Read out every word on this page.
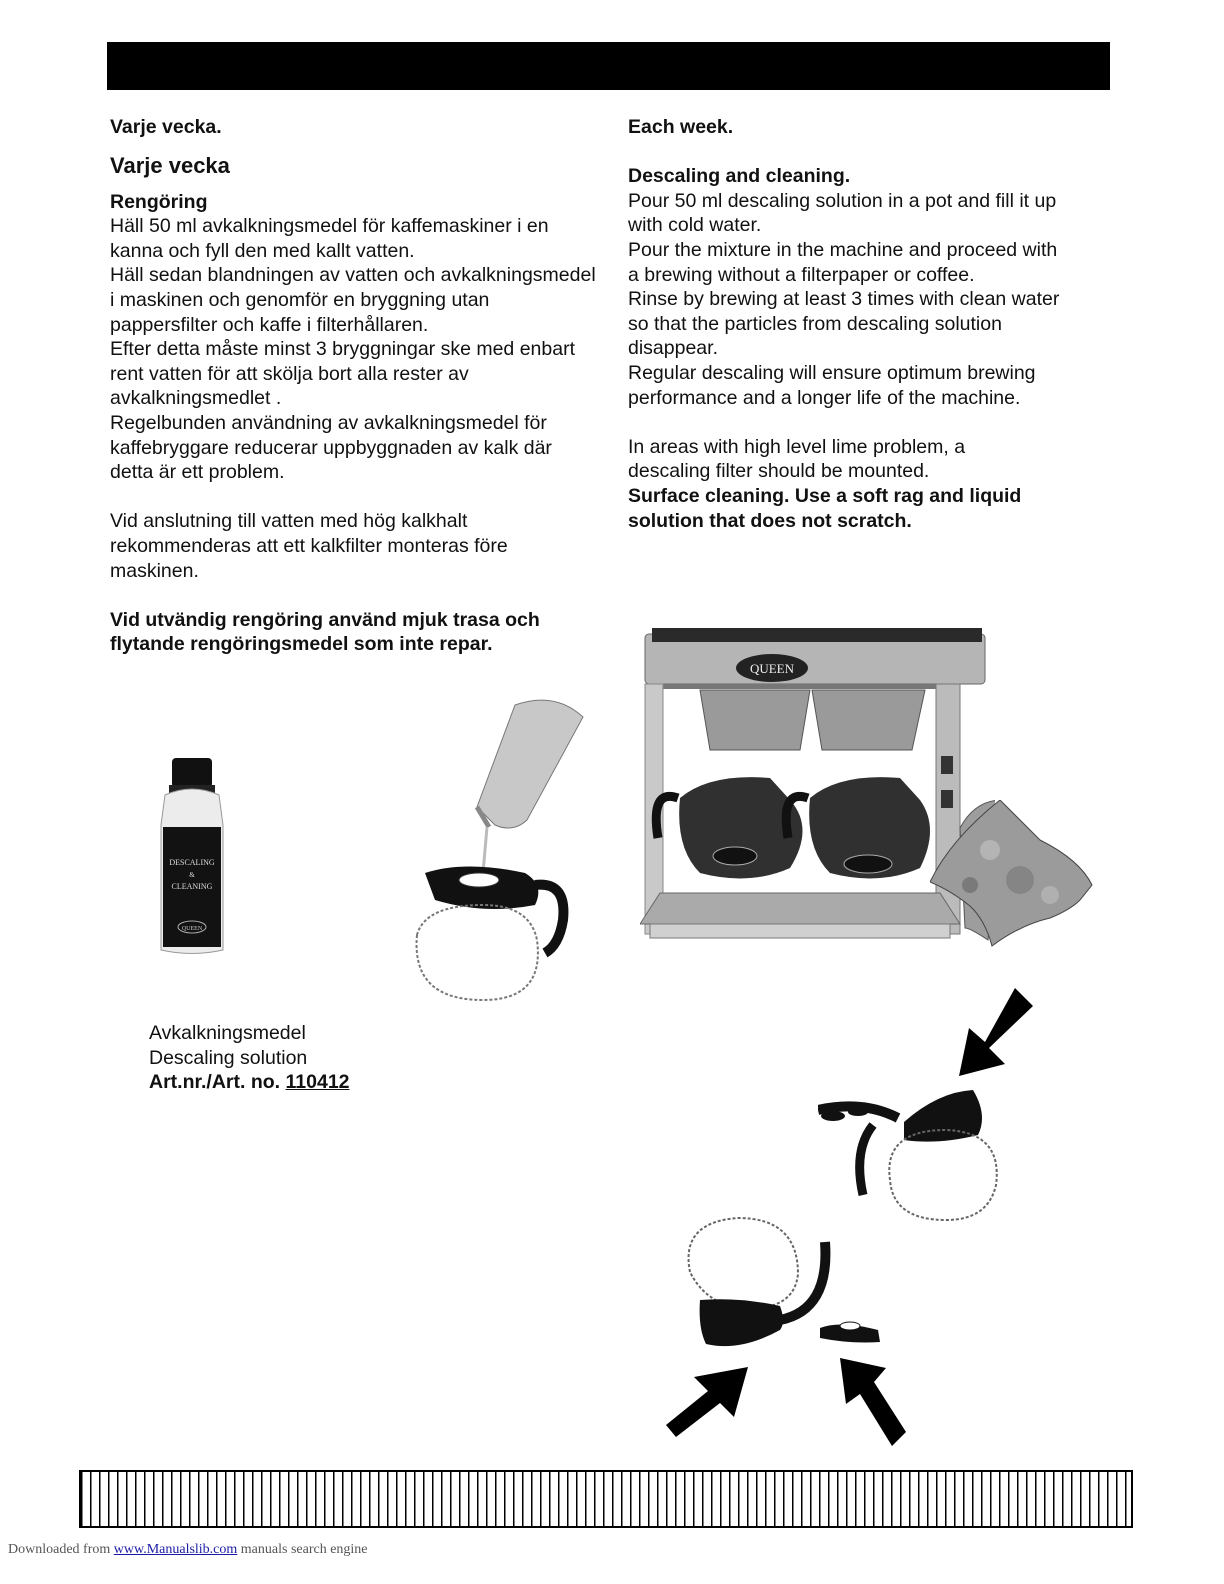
Varje vecka.

Varje vecka

Rengöring

Häll 50 ml avkalkningsmedel för kaffemaskiner i en

kanna och fyll den med kallt vatten.

Häll sedan blandningen av vatten och avkalkningsmedel

i maskinen och genomför en bryggning utan

pappersfilter och kaffe i filterhållaren.

Efter detta måste minst 3 bryggningar ske med enbart

rent vatten för att skölja bort alla rester av

avkalkningsmedlet .

Regelbunden användning av avkalkningsmedel för

kaffebryggare reducerar uppbyggnaden av kalk där

detta är ett problem.

Vid anslutning till vatten med hög kalkhalt

rekommenderas att ett kalkfilter monteras före

maskinen.

Vid utvändig rengöring använd mjuk trasa och

flytande rengöringsmedel som inte repar.

Each week.

Descaling and cleaning.

Pour 50 ml descaling solution in a pot and fill it up

with cold water.

Pour the mixture in the machine and proceed with

a brewing without a filterpaper or coffee.

Rinse by brewing at least 3 times with clean water

so that the particles from descaling solution

disappear.

Regular descaling will ensure optimum brewing

performance and a longer life of the machine.

In areas with high level lime problem, a

descaling filter should be mounted.

Surface cleaning. Use a soft rag and liquid

solution that does not scratch.

DESCALING
&
CLEANING
QUEEN
QUEEN
Avkalkningsmedel
Descaling solution
Art.nr./Art. no. 110412
Downloaded from www.Manualslib.com manuals search engine
